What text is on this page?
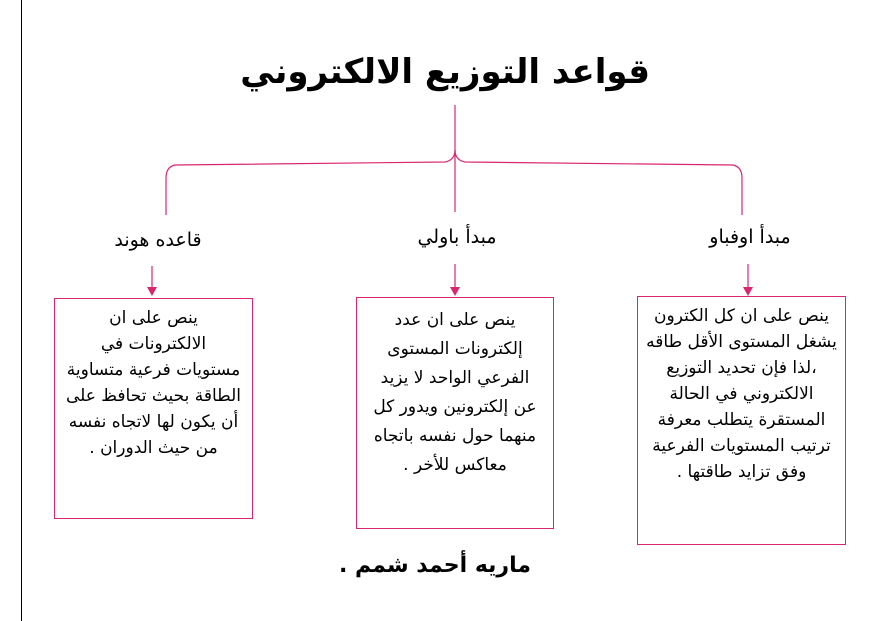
قواعد التوزيع الالكتروني
مبدأ اوفباو
مبدأ باولي
قاعده هوند

ينص على ان كل الكترون

يشغل المستوى الأقل طاقه

،لذا فإن تحديد التوزيع

الالكتروني في الحالة

المستقرة يتطلب معرفة

ترتيب المستويات الفرعية

وفق تزايد طاقتها .

ينص على ان عدد

إلكترونات المستوى

الفرعي الواحد لا يزيد

عن إلكترونين ويدور كل

منهما حول نفسه باتجاه

معاكس للأخر .

ينص على ان

الالكترونات في

مستويات فرعية متساوية

الطاقة بحيث تحافظ على

أن يكون لها لاتجاه نفسه

من حيث الدوران .

ماريه أحمد شمم .
